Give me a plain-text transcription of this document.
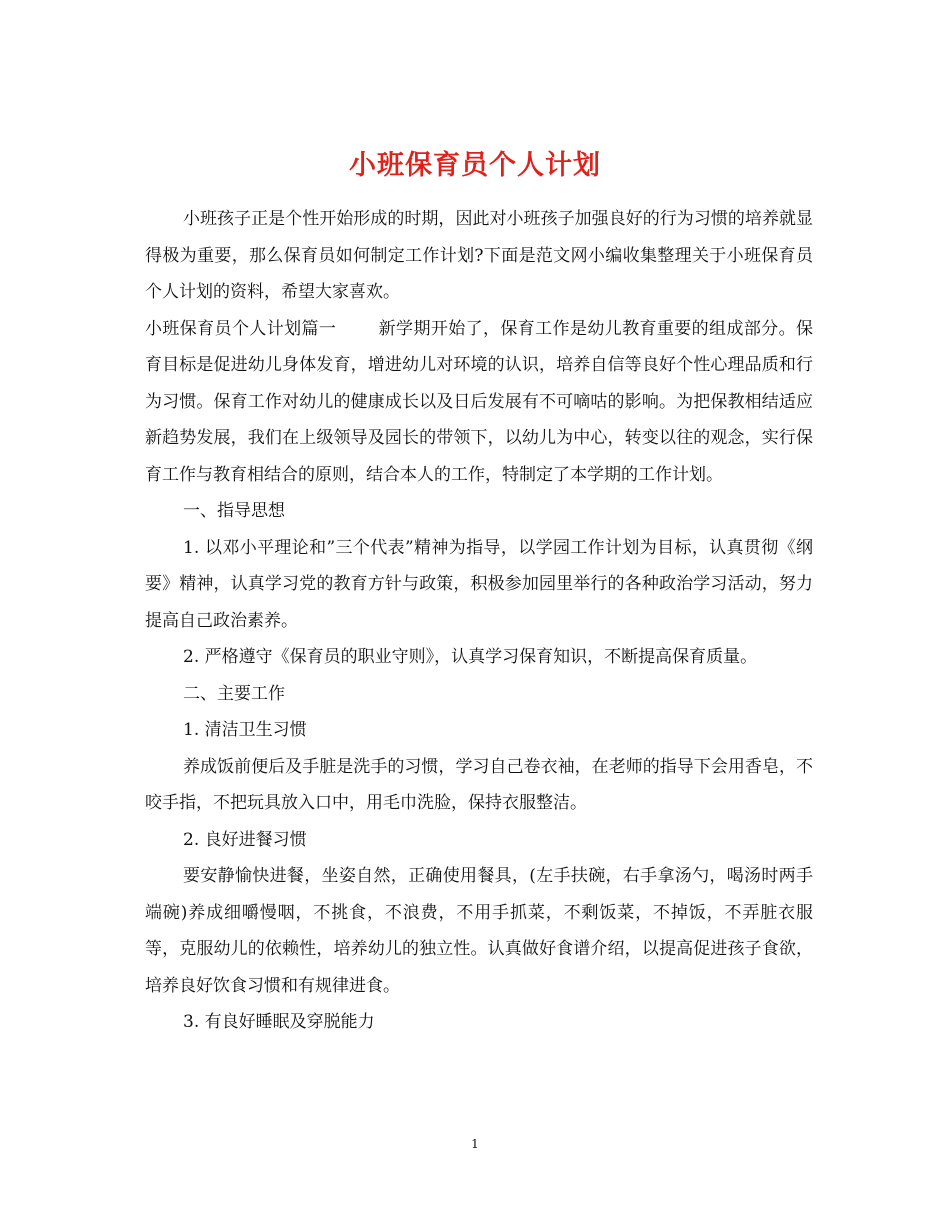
小班保育员个人计划

小班孩子正是个性开始形成的时期，因此对小班孩子加强良好的行为习惯的培养就显得极为重要，那么保育员如何制定工作计划?下面是范文网小编收集整理关于小班保育员个人计划的资料，希望大家喜欢。

小班保育员个人计划篇一 新学期开始了，保育工作是幼儿教育重要的组成部分。保育目标是促进幼儿身体发育，增进幼儿对环境的认识，培养自信等良好个性心理品质和行为习惯。保育工作对幼儿的健康成长以及日后发展有不可嘀咕的影响。为把保教相结适应新趋势发展，我们在上级领导及园长的带领下，以幼儿为中心，转变以往的观念，实行保育工作与教育相结合的原则，结合本人的工作，特制定了本学期的工作计划。

一、指导思想

1. 以邓小平理论和”三个代表”精神为指导，以学园工作计划为目标，认真贯彻《纲要》精神，认真学习党的教育方针与政策，积极参加园里举行的各种政治学习活动，努力提高自己政治素养。

2. 严格遵守《保育员的职业守则》，认真学习保育知识，不断提高保育质量。

二、主要工作

1. 清洁卫生习惯

养成饭前便后及手脏是洗手的习惯，学习自己卷衣袖，在老师的指导下会用香皂，不咬手指，不把玩具放入口中，用毛巾洗脸，保持衣服整洁。

2. 良好进餐习惯

要安静愉快进餐，坐姿自然，正确使用餐具，(左手扶碗，右手拿汤勺，喝汤时两手端碗)养成细嚼慢咽，不挑食，不浪费，不用手抓菜，不剩饭菜，不掉饭，不弄脏衣服等，克服幼儿的依赖性，培养幼儿的独立性。认真做好食谱介绍，以提高促进孩子食欲，培养良好饮食习惯和有规律进食。

3. 有良好睡眠及穿脱能力

1
